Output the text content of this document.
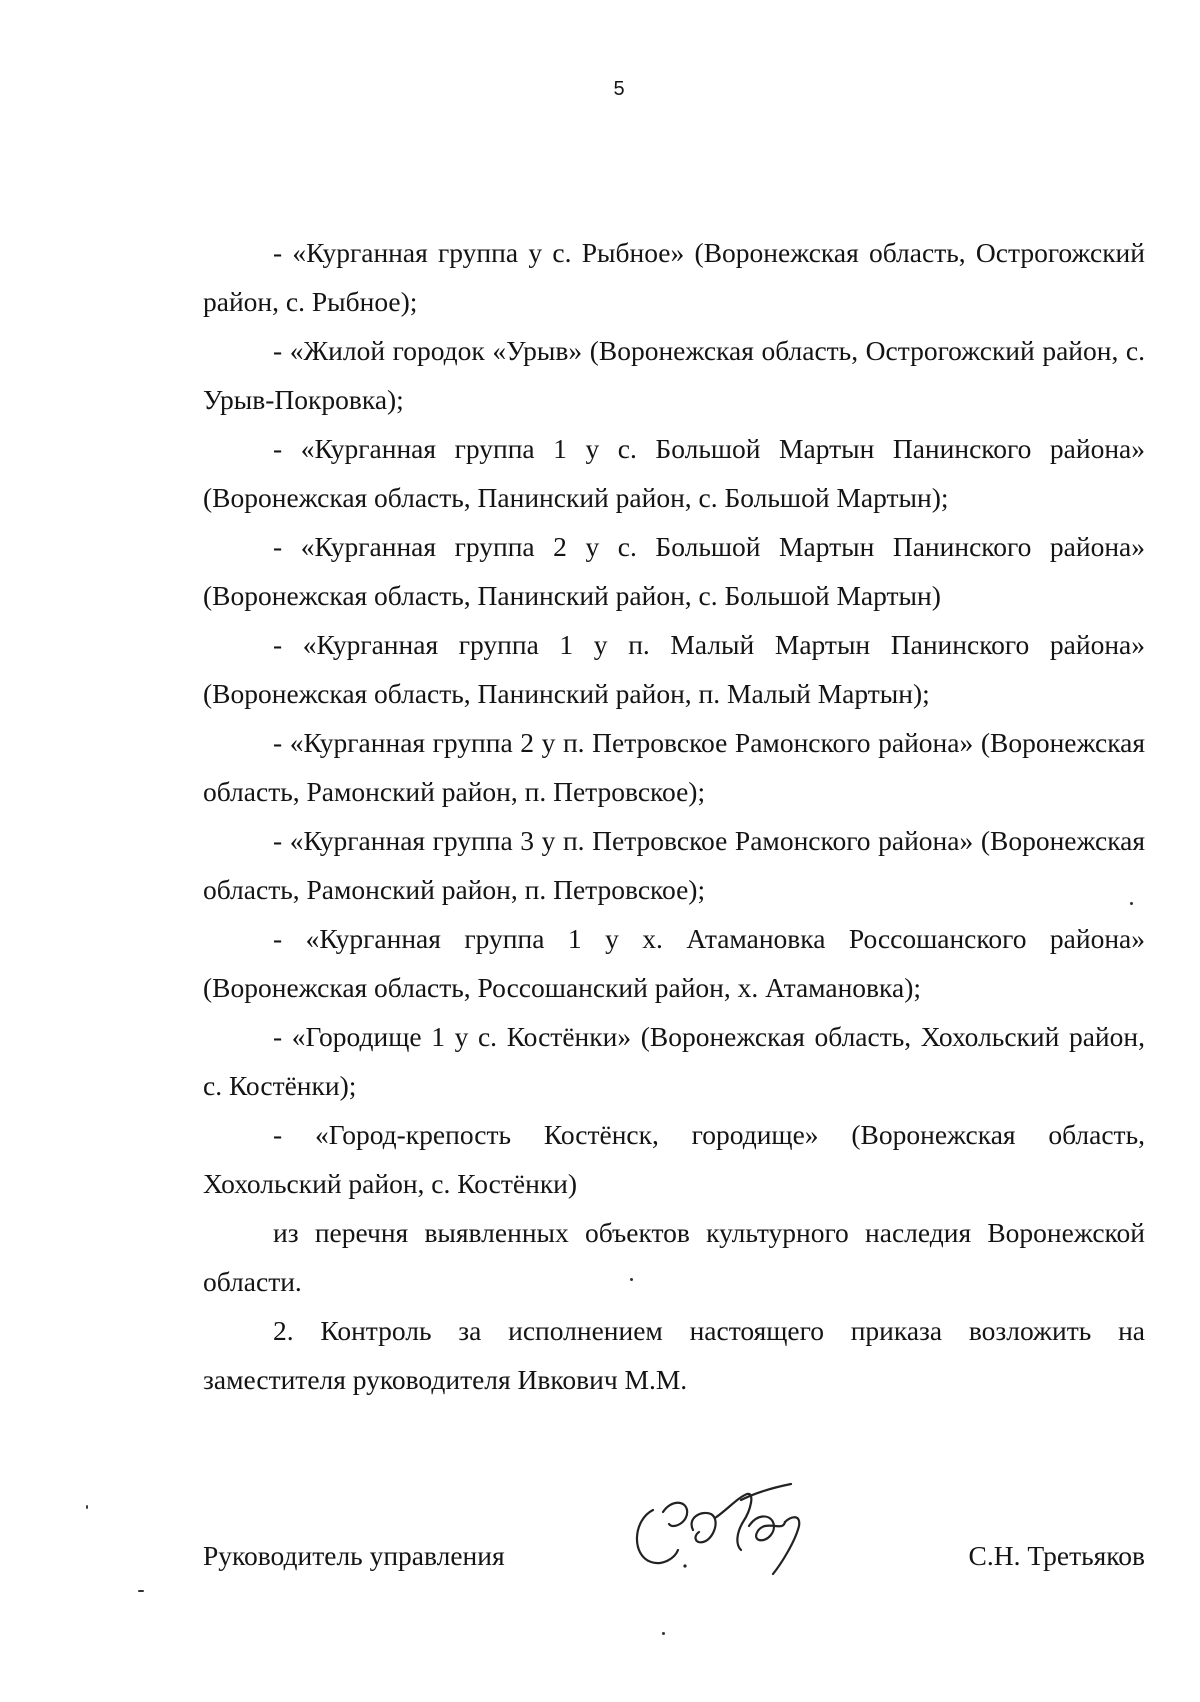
5

- «Курганная группа у с. Рыбное» (Воронежская область, Острогожский район, с. Рыбное);

- «Жилой городок «Урыв» (Воронежская область, Острогожский район, с. Урыв-Покровка);

- «Курганная группа 1 у с. Большой Мартын Панинского района» (Воронежская область, Панинский район, с. Большой Мартын);

- «Курганная группа 2 у с. Большой Мартын Панинского района» (Воронежская область, Панинский район, с. Большой Мартын)

- «Курганная группа 1 у п. Малый Мартын Панинского района» (Воронежская область, Панинский район, п. Малый Мартын);

- «Курганная группа 2 у п. Петровское Рамонского района» (Воронежская область, Рамонский район, п. Петровское);

- «Курганная группа 3 у п. Петровское Рамонского района» (Воронежская область, Рамонский район, п. Петровское);

- «Курганная группа 1 у х. Атамановка Россошанского района» (Воронежская область, Россошанский район, х. Атамановка);

- «Городище 1 у с. Костёнки» (Воронежская область, Хохольский район, с. Костёнки);

- «Город-крепость Костёнск, городище» (Воронежская область, Хохольский район, с. Костёнки)

из перечня выявленных объектов культурного наследия Воронежской области.

2. Контроль за исполнением настоящего приказа возложить на заместителя руководителя Ивкович М.М.

Руководитель управления	С.Н. Третьяков
